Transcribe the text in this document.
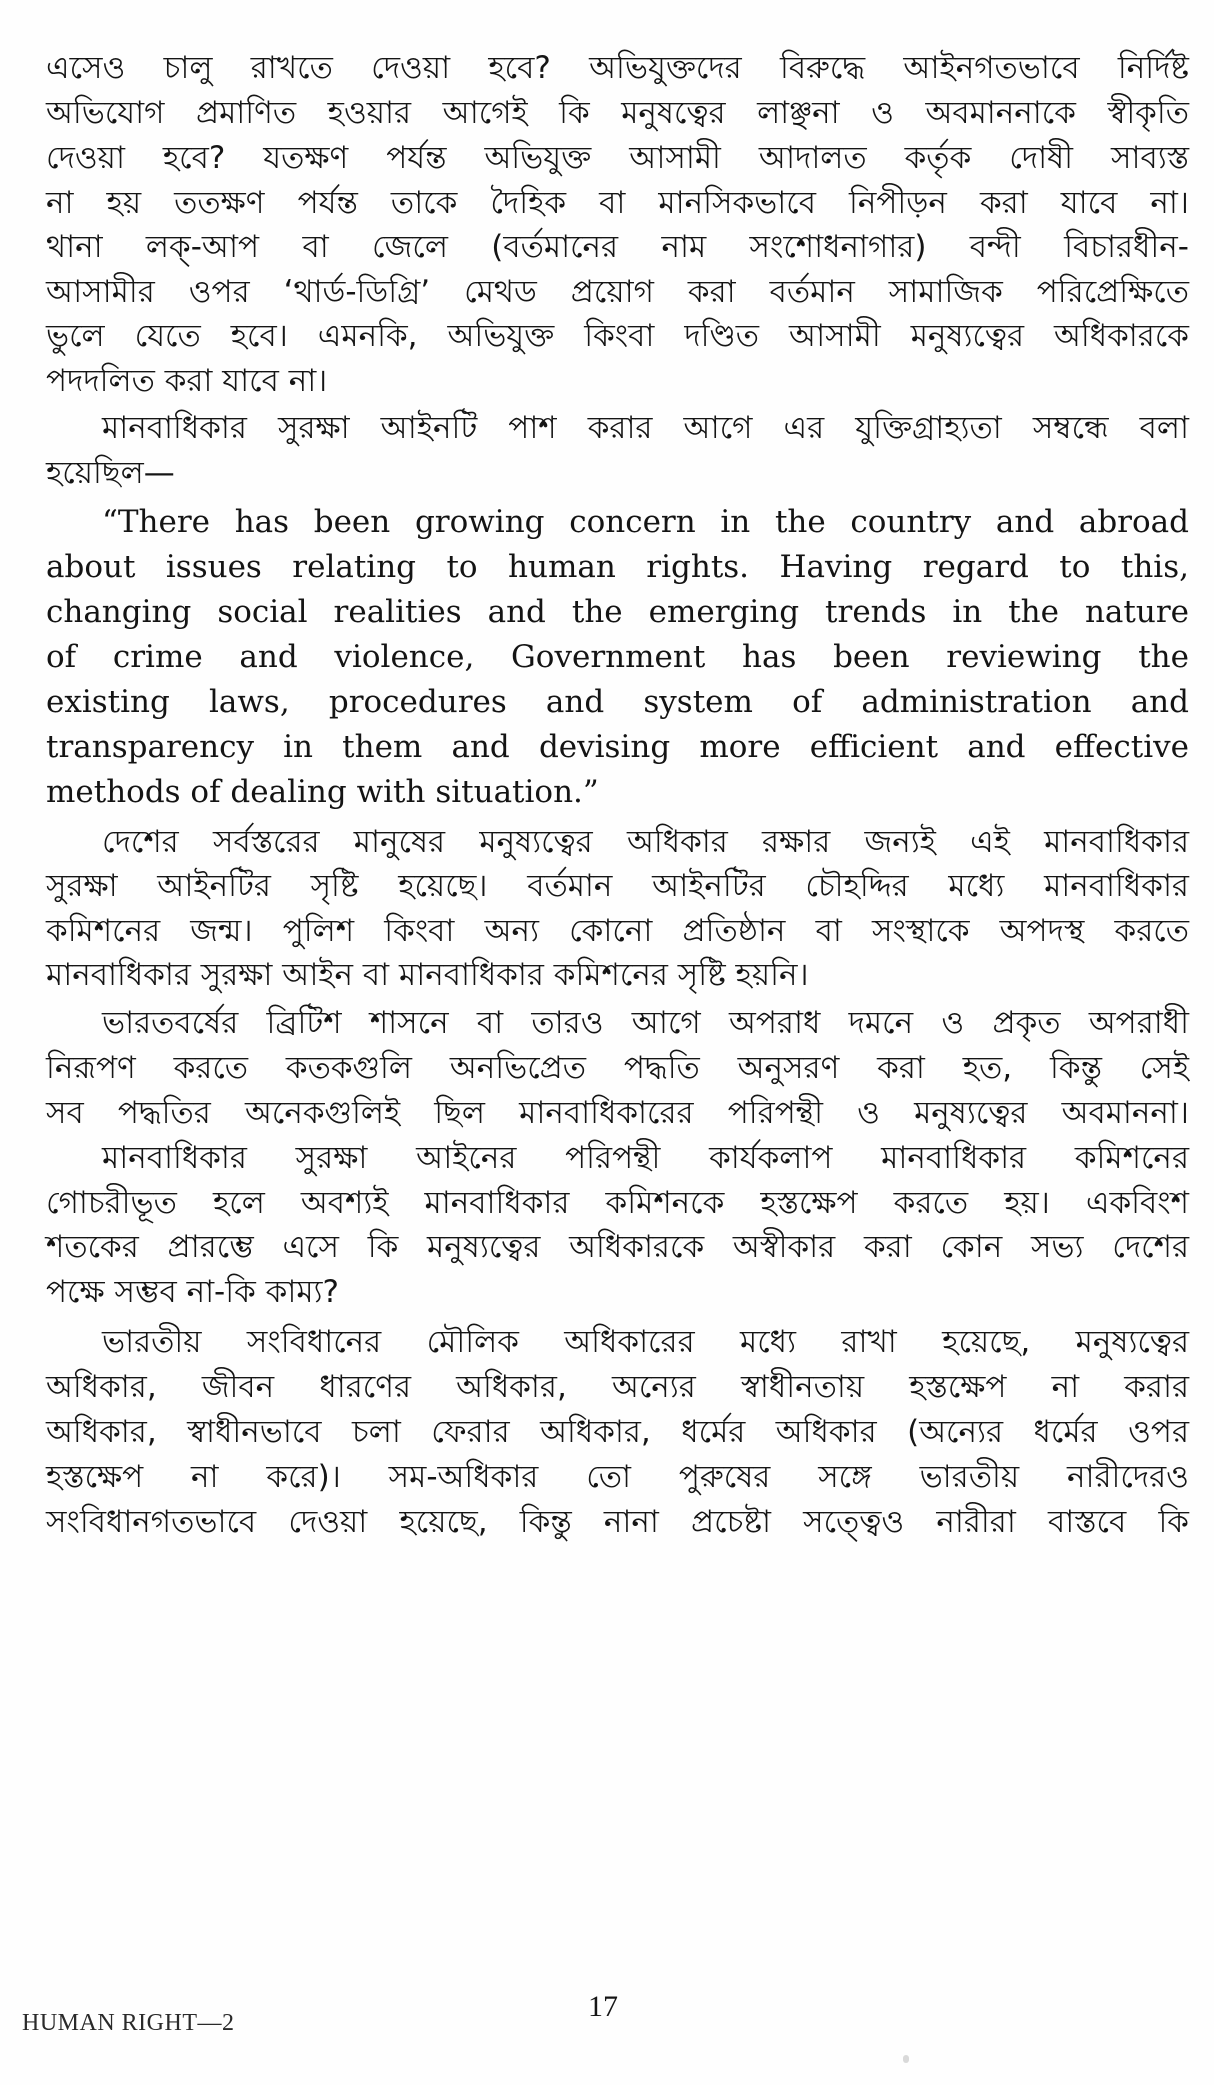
এসেও চালু রাখতে দেওয়া হবে? অভিযুক্তদের বিরুদ্ধে আইনগতভাবে নির্দিষ্ট
অভিযোগ প্রমাণিত হওয়ার আগেই কি মনুষত্বের লাঞ্ছনা ও অবমাননাকে স্বীকৃতি
দেওয়া হবে? যতক্ষণ পর্যন্ত অভিযুক্ত আসামী আদালত কর্তৃক দোষী সাব্যস্ত
না হয় ততক্ষণ পর্যন্ত তাকে দৈহিক বা মানসিকভাবে নিপীড়ন করা যাবে না।
থানা লক্-আপ বা জেলে (বর্তমানের নাম সংশোধনাগার) বন্দী বিচারধীন-
আসামীর ওপর ‘থার্ড-ডিগ্রি’ মেথড প্রয়োগ করা বর্তমান সামাজিক পরিপ্রেক্ষিতে
ভুলে যেতে হবে। এমনকি, অভিযুক্ত কিংবা দণ্ডিত আসামী মনুষ্যত্বের অধিকারকে
পদদলিত করা যাবে না।
মানবাধিকার সুরক্ষা আইনটি পাশ করার আগে এর যুক্তিগ্রাহ্যতা সম্বন্ধে বলা
হয়েছিল—
“There has been growing concern in the country and abroad
about issues relating to human rights. Having regard to this,
changing social realities and the emerging trends in the nature
of crime and violence, Government has been reviewing the
existing laws, procedures and system of administration and
transparency in them and devising more efficient and effective
methods of dealing with situation.”
দেশের সর্বস্তরের মানুষের মনুষ্যত্বের অধিকার রক্ষার জন্যই এই মানবাধিকার
সুরক্ষা আইনটির সৃষ্টি হয়েছে। বর্তমান আইনটির চৌহদ্দির মধ্যে মানবাধিকার
কমিশনের জন্ম। পুলিশ কিংবা অন্য কোনো প্রতিষ্ঠান বা সংস্থাকে অপদস্থ করতে
মানবাধিকার সুরক্ষা আইন বা মানবাধিকার কমিশনের সৃষ্টি হয়নি।
ভারতবর্ষের ব্রিটিশ শাসনে বা তারও আগে অপরাধ দমনে ও প্রকৃত অপরাধী
নিরূপণ করতে কতকগুলি অনভিপ্রেত পদ্ধতি অনুসরণ করা হত, কিন্তু সেই
সব পদ্ধতির অনেকগুলিই ছিল মানবাধিকারের পরিপন্থী ও মনুষ্যত্বের অবমাননা।
মানবাধিকার সুরক্ষা আইনের পরিপন্থী কার্যকলাপ মানবাধিকার কমিশনের
গোচরীভূত হলে অবশ্যই মানবাধিকার কমিশনকে হস্তক্ষেপ করতে হয়। একবিংশ
শতকের প্রারম্ভে এসে কি মনুষ্যত্বের অধিকারকে অস্বীকার করা কোন সভ্য দেশের
পক্ষে সম্ভব না-কি কাম্য?
ভারতীয় সংবিধানের মৌলিক অধিকারের মধ্যে রাখা হয়েছে, মনুষ্যত্বের
অধিকার, জীবন ধারণের অধিকার, অন্যের স্বাধীনতায় হস্তক্ষেপ না করার
অধিকার, স্বাধীনভাবে চলা ফেরার অধিকার, ধর্মের অধিকার (অন্যের ধর্মের ওপর
হস্তক্ষেপ না করে)। সম-অধিকার তো পুরুষের সঙ্গে ভারতীয় নারীদেরও
সংবিধানগতভাবে দেওয়া হয়েছে, কিন্তু নানা প্রচেষ্টা সত্ত্বেও নারীরা বাস্তবে কি
17
HUMAN RIGHT—2
